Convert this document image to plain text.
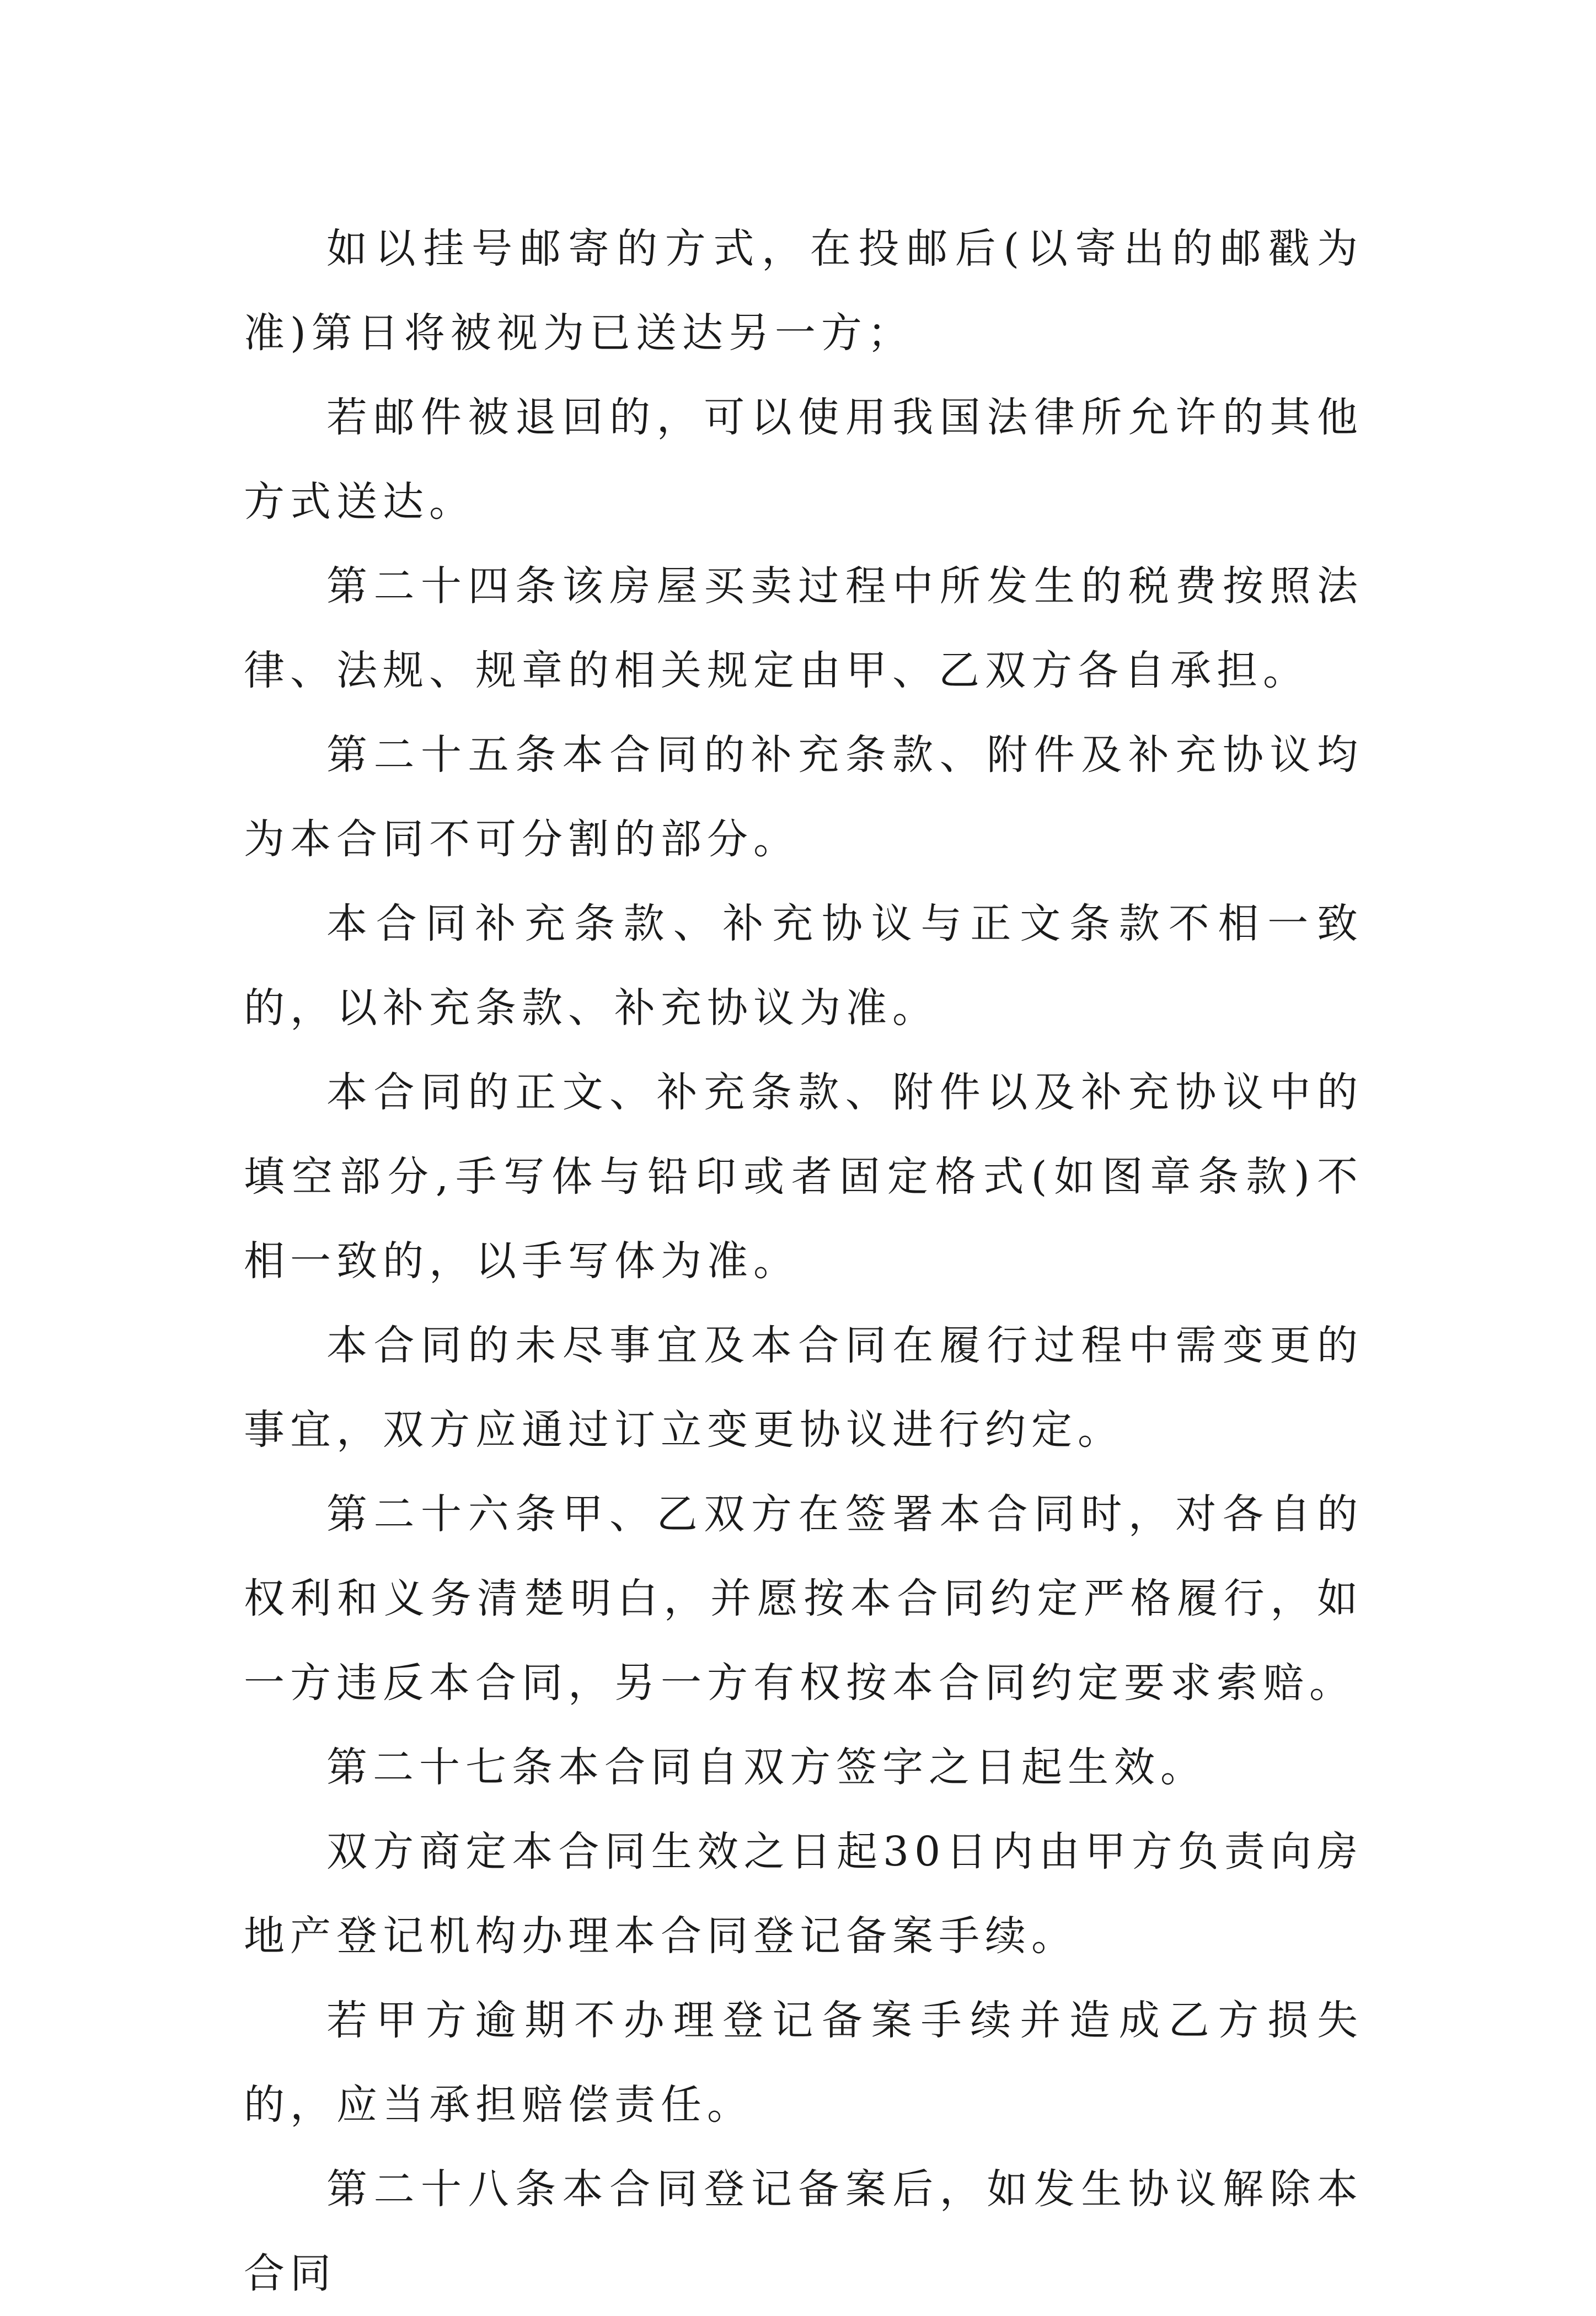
如以挂号邮寄的方式，在投邮后(以寄出的邮戳为准)第日将被视为已送达另一方；

若邮件被退回的，可以使用我国法律所允许的其他方式送达。

第二十四条该房屋买卖过程中所发生的税费按照法律、法规、规章的相关规定由甲、乙双方各自承担。

第二十五条本合同的补充条款、附件及补充协议均为本合同不可分割的部分。

本合同补充条款、补充协议与正文条款不相一致的，以补充条款、补充协议为准。

本合同的正文、补充条款、附件以及补充协议中的填空部分,手写体与铅印或者固定格式(如图章条款)不相一致的，以手写体为准。

本合同的未尽事宜及本合同在履行过程中需变更的事宜，双方应通过订立变更协议进行约定。

第二十六条甲、乙双方在签署本合同时，对各自的权利和义务清楚明白，并愿按本合同约定严格履行，如一方违反本合同，另一方有权按本合同约定要求索赔。

第二十七条本合同自双方签字之日起生效。

双方商定本合同生效之日起30日内由甲方负责向房地产登记机构办理本合同登记备案手续。

若甲方逾期不办理登记备案手续并造成乙方损失的，应当承担赔偿责任。

第二十八条本合同登记备案后，如发生协议解除本合同
